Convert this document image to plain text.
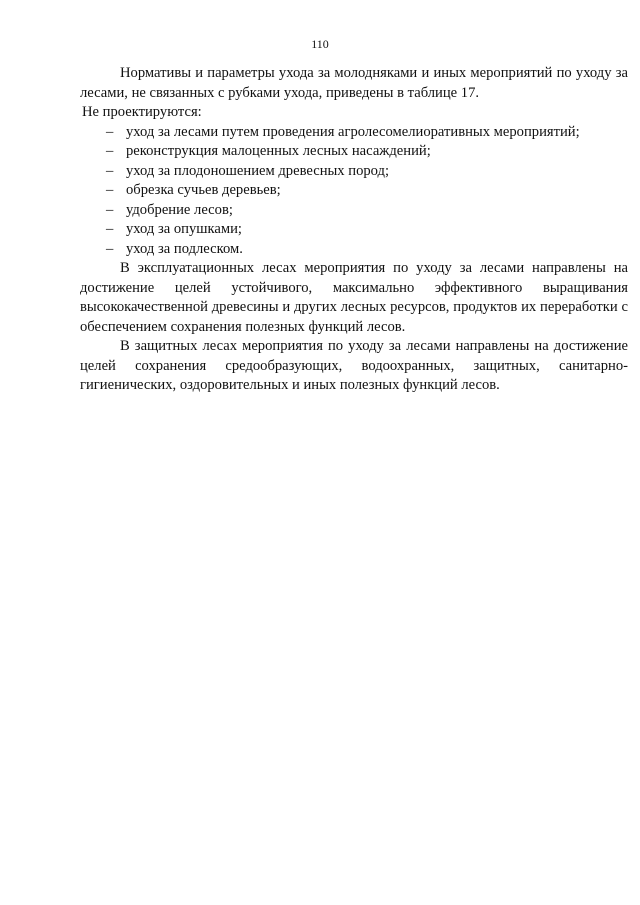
110

Нормативы и параметры ухода за молодняками и иных мероприятий по уходу за лесами, не связанных с рубками ухода, приведены в таблице 17.

Не проектируются:

– уход за лесами путем проведения агролесомелиоративных мероприятий;
– реконструкция малоценных лесных насаждений;
– уход за плодоношением древесных пород;
– обрезка сучьев деревьев;
– удобрение лесов;
– уход за опушками;
– уход за подлеском.

В эксплуатационных лесах мероприятия по уходу за лесами направлены на достижение целей устойчивого, максимально эффективного выращивания высококачественной древесины и других лесных ресурсов, продуктов их переработки с обеспечением сохранения полезных функций лесов.

В защитных лесах мероприятия по уходу за лесами направлены на достижение целей сохранения средообразующих, водоохранных, защитных, санитарно-гигиенических, оздоровительных и иных полезных функций лесов.
